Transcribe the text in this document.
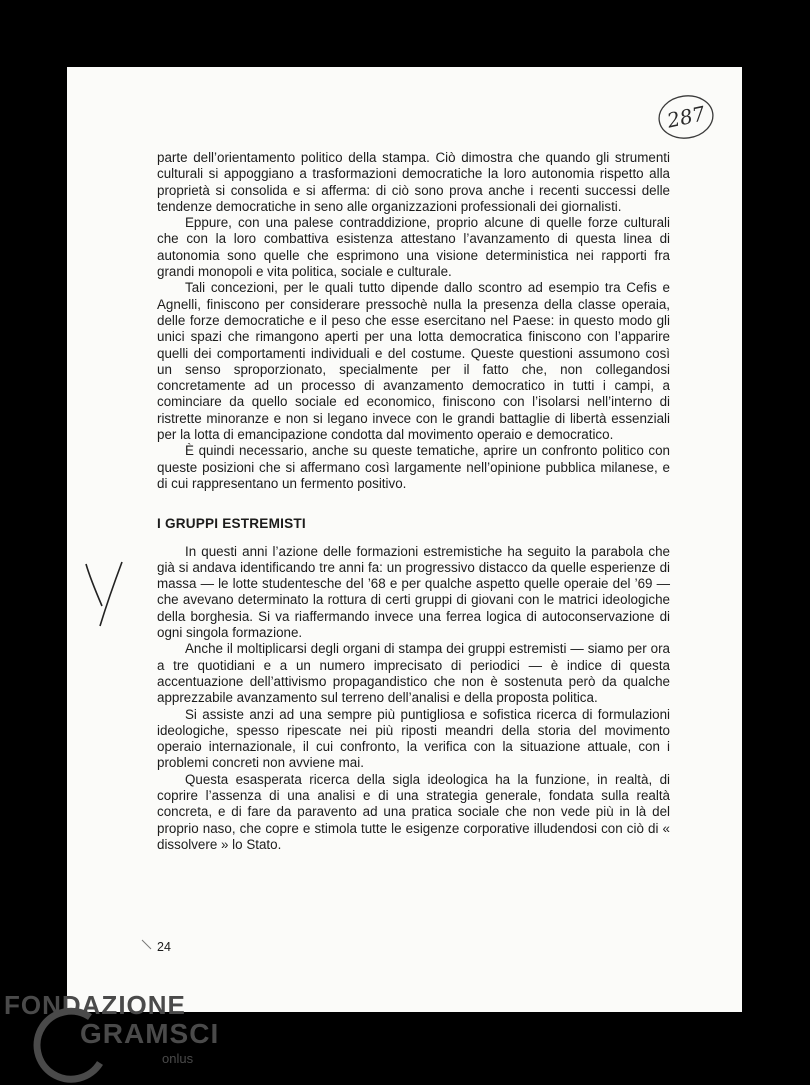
287

parte dell’orientamento politico della stampa. Ciò dimostra che quando gli strumenti culturali si appoggiano a trasformazioni democratiche la loro autonomia rispetto alla proprietà si consolida e si afferma: di ciò sono prova anche i recenti successi delle tendenze democratiche in seno alle organizzazioni professionali dei giornalisti.

Eppure, con una palese contraddizione, proprio alcune di quelle forze culturali che con la loro combattiva esistenza attestano l’avanzamento di questa linea di autonomia sono quelle che esprimono una visione deterministica nei rapporti fra grandi monopoli e vita politica, sociale e culturale.

Tali concezioni, per le quali tutto dipende dallo scontro ad esempio tra Cefis e Agnelli, finiscono per considerare pressochè nulla la presenza della classe operaia, delle forze democratiche e il peso che esse esercitano nel Paese: in questo modo gli unici spazi che rimangono aperti per una lotta democratica finiscono con l’apparire quelli dei comportamenti individuali e del costume. Queste questioni assumono così un senso sproporzionato, specialmente per il fatto che, non collegandosi concretamente ad un processo di avanzamento democratico in tutti i campi, a cominciare da quello sociale ed economico, finiscono con l’isolarsi nell’interno di ristrette minoranze e non si legano invece con le grandi battaglie di libertà essenziali per la lotta di emancipazione condotta dal movimento operaio e democratico.

È quindi necessario, anche su queste tematiche, aprire un confronto politico con queste posizioni che si affermano così largamente nell’opinione pubblica milanese, e di cui rappresentano un fermento positivo.

I GRUPPI ESTREMISTI

In questi anni l’azione delle formazioni estremistiche ha seguito la parabola che già si andava identificando tre anni fa: un progressivo distacco da quelle esperienze di massa — le lotte studentesche del ’68 e per qualche aspetto quelle operaie del ’69 — che avevano determinato la rottura di certi gruppi di giovani con le matrici ideologiche della borghesia. Si va riaffermando invece una ferrea logica di autoconservazione di ogni singola formazione.

Anche il moltiplicarsi degli organi di stampa dei gruppi estremisti — siamo per ora a tre quotidiani e a un numero imprecisato di periodici — è indice di questa accentuazione dell’attivismo propagandistico che non è sostenuta però da qualche apprezzabile avanzamento sul terreno dell’analisi e della proposta politica.

Si assiste anzi ad una sempre più puntigliosa e sofistica ricerca di formulazioni ideologiche, spesso ripescate nei più riposti meandri della storia del movimento operaio internazionale, il cui confronto, la verifica con la situazione attuale, con i problemi concreti non avviene mai.

Questa esasperata ricerca della sigla ideologica ha la funzione, in realtà, di coprire l’assenza di una analisi e di una strategia generale, fondata sulla realtà concreta, e di fare da paravento ad una pratica sociale che non vede più in là del proprio naso, che copre e stimola tutte le esigenze corporative illudendosi con ciò di « dissolvere » lo Stato.

24
FONDAZIONE
GRAMSCI
onlus
